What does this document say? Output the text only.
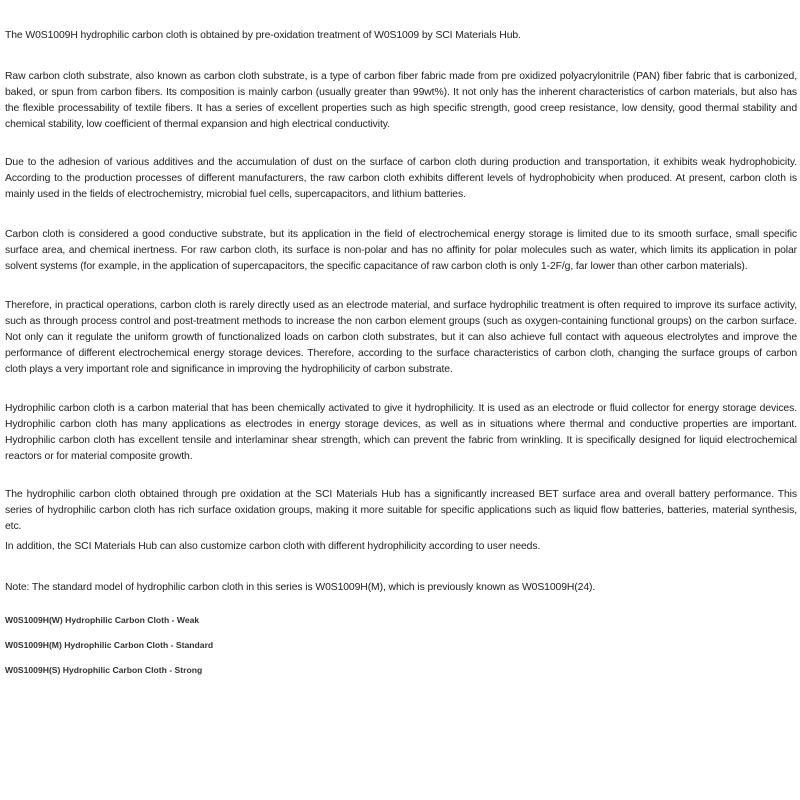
The W0S1009H hydrophilic carbon cloth is obtained by pre-oxidation treatment of W0S1009 by SCI Materials Hub.

Raw carbon cloth substrate, also known as carbon cloth substrate, is a type of carbon fiber fabric made from pre oxidized polyacrylonitrile (PAN) fiber fabric that is carbonized, baked, or spun from carbon fibers. Its composition is mainly carbon (usually greater than 99wt%). It not only has the inherent characteristics of carbon materials, but also has the flexible processability of textile fibers. It has a series of excellent properties such as high specific strength, good creep resistance, low density, good thermal stability and chemical stability, low coefficient of thermal expansion and high electrical conductivity.

Due to the adhesion of various additives and the accumulation of dust on the surface of carbon cloth during production and transportation, it exhibits weak hydrophobicity. According to the production processes of different manufacturers, the raw carbon cloth exhibits different levels of hydrophobicity when produced. At present, carbon cloth is mainly used in the fields of electrochemistry, microbial fuel cells, supercapacitors, and lithium batteries.

Carbon cloth is considered a good conductive substrate, but its application in the field of electrochemical energy storage is limited due to its smooth surface, small specific surface area, and chemical inertness. For raw carbon cloth, its surface is non-polar and has no affinity for polar molecules such as water, which limits its application in polar solvent systems (for example, in the application of supercapacitors, the specific capacitance of raw carbon cloth is only 1-2F/g, far lower than other carbon materials).

Therefore, in practical operations, carbon cloth is rarely directly used as an electrode material, and surface hydrophilic treatment is often required to improve its surface activity, such as through process control and post-treatment methods to increase the non carbon element groups (such as oxygen-containing functional groups) on the carbon surface. Not only can it regulate the uniform growth of functionalized loads on carbon cloth substrates, but it can also achieve full contact with aqueous electrolytes and improve the performance of different electrochemical energy storage devices. Therefore, according to the surface characteristics of carbon cloth, changing the surface groups of carbon cloth plays a very important role and significance in improving the hydrophilicity of carbon substrate.

Hydrophilic carbon cloth is a carbon material that has been chemically activated to give it hydrophilicity. It is used as an electrode or fluid collector for energy storage devices. Hydrophilic carbon cloth has many applications as electrodes in energy storage devices, as well as in situations where thermal and conductive properties are important. Hydrophilic carbon cloth has excellent tensile and interlaminar shear strength, which can prevent the fabric from wrinkling. It is specifically designed for liquid electrochemical reactors or for material composite growth.

The hydrophilic carbon cloth obtained through pre oxidation at the SCI Materials Hub has a significantly increased BET surface area and overall battery performance. This series of hydrophilic carbon cloth has rich surface oxidation groups, making it more suitable for specific applications such as liquid flow batteries, batteries, material synthesis, etc.

In addition, the SCI Materials Hub can also customize carbon cloth with different hydrophilicity according to user needs.

Note: The standard model of hydrophilic carbon cloth in this series is W0S1009H(M), which is previously known as W0S1009H(24).

W0S1009H(W) Hydrophilic Carbon Cloth - Weak

W0S1009H(M) Hydrophilic Carbon Cloth - Standard

W0S1009H(S) Hydrophilic Carbon Cloth - Strong
